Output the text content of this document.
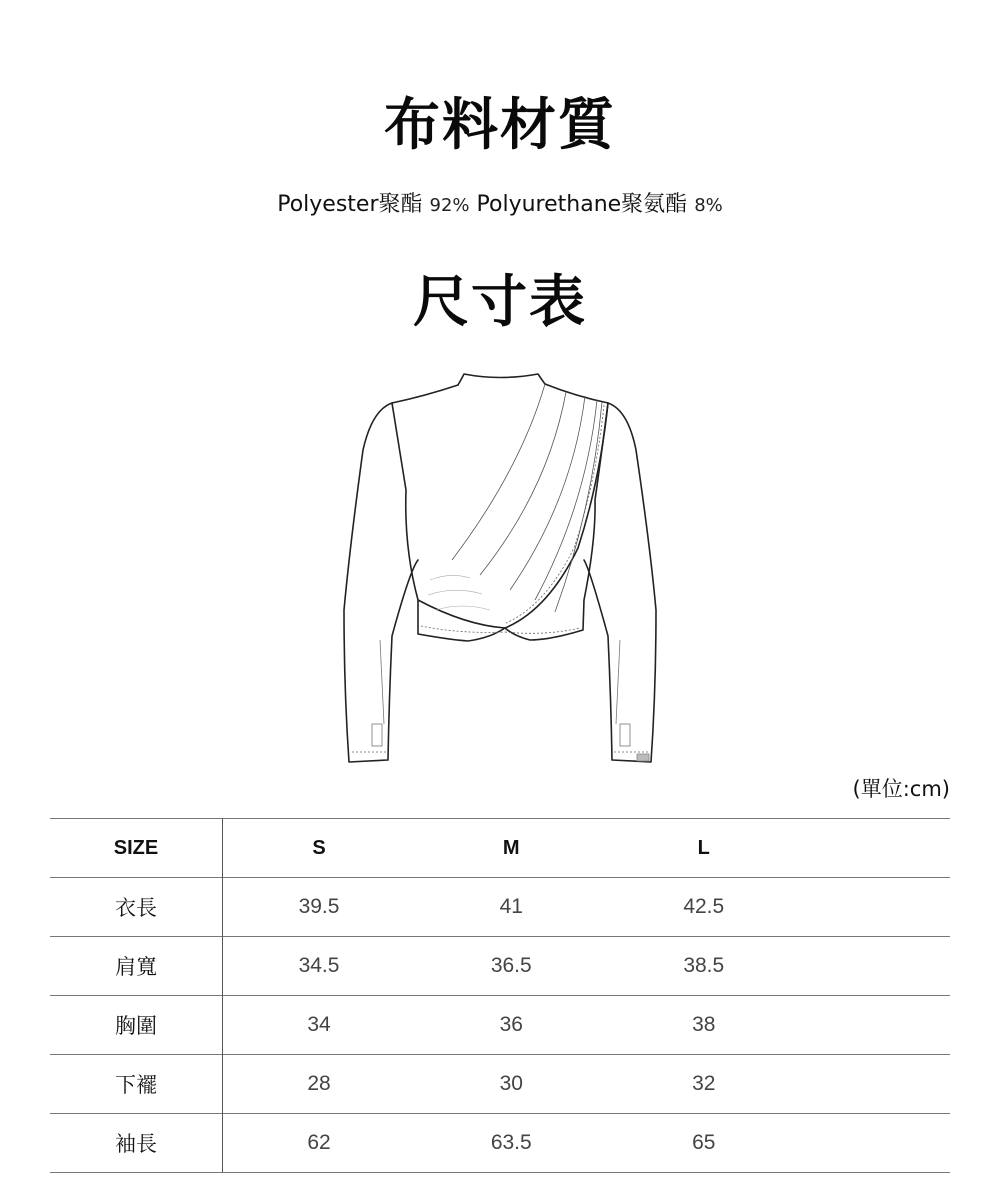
布料材質
Polyester聚酯 92% Polyurethane聚氨酯 8%
尺寸表
(單位:cm)
SIZE	S	M	L	
衣長	39.5	41	42.5	
肩寬	34.5	36.5	38.5	
胸圍	34	36	38	
下襬	28	30	32	
袖長	62	63.5	65	
